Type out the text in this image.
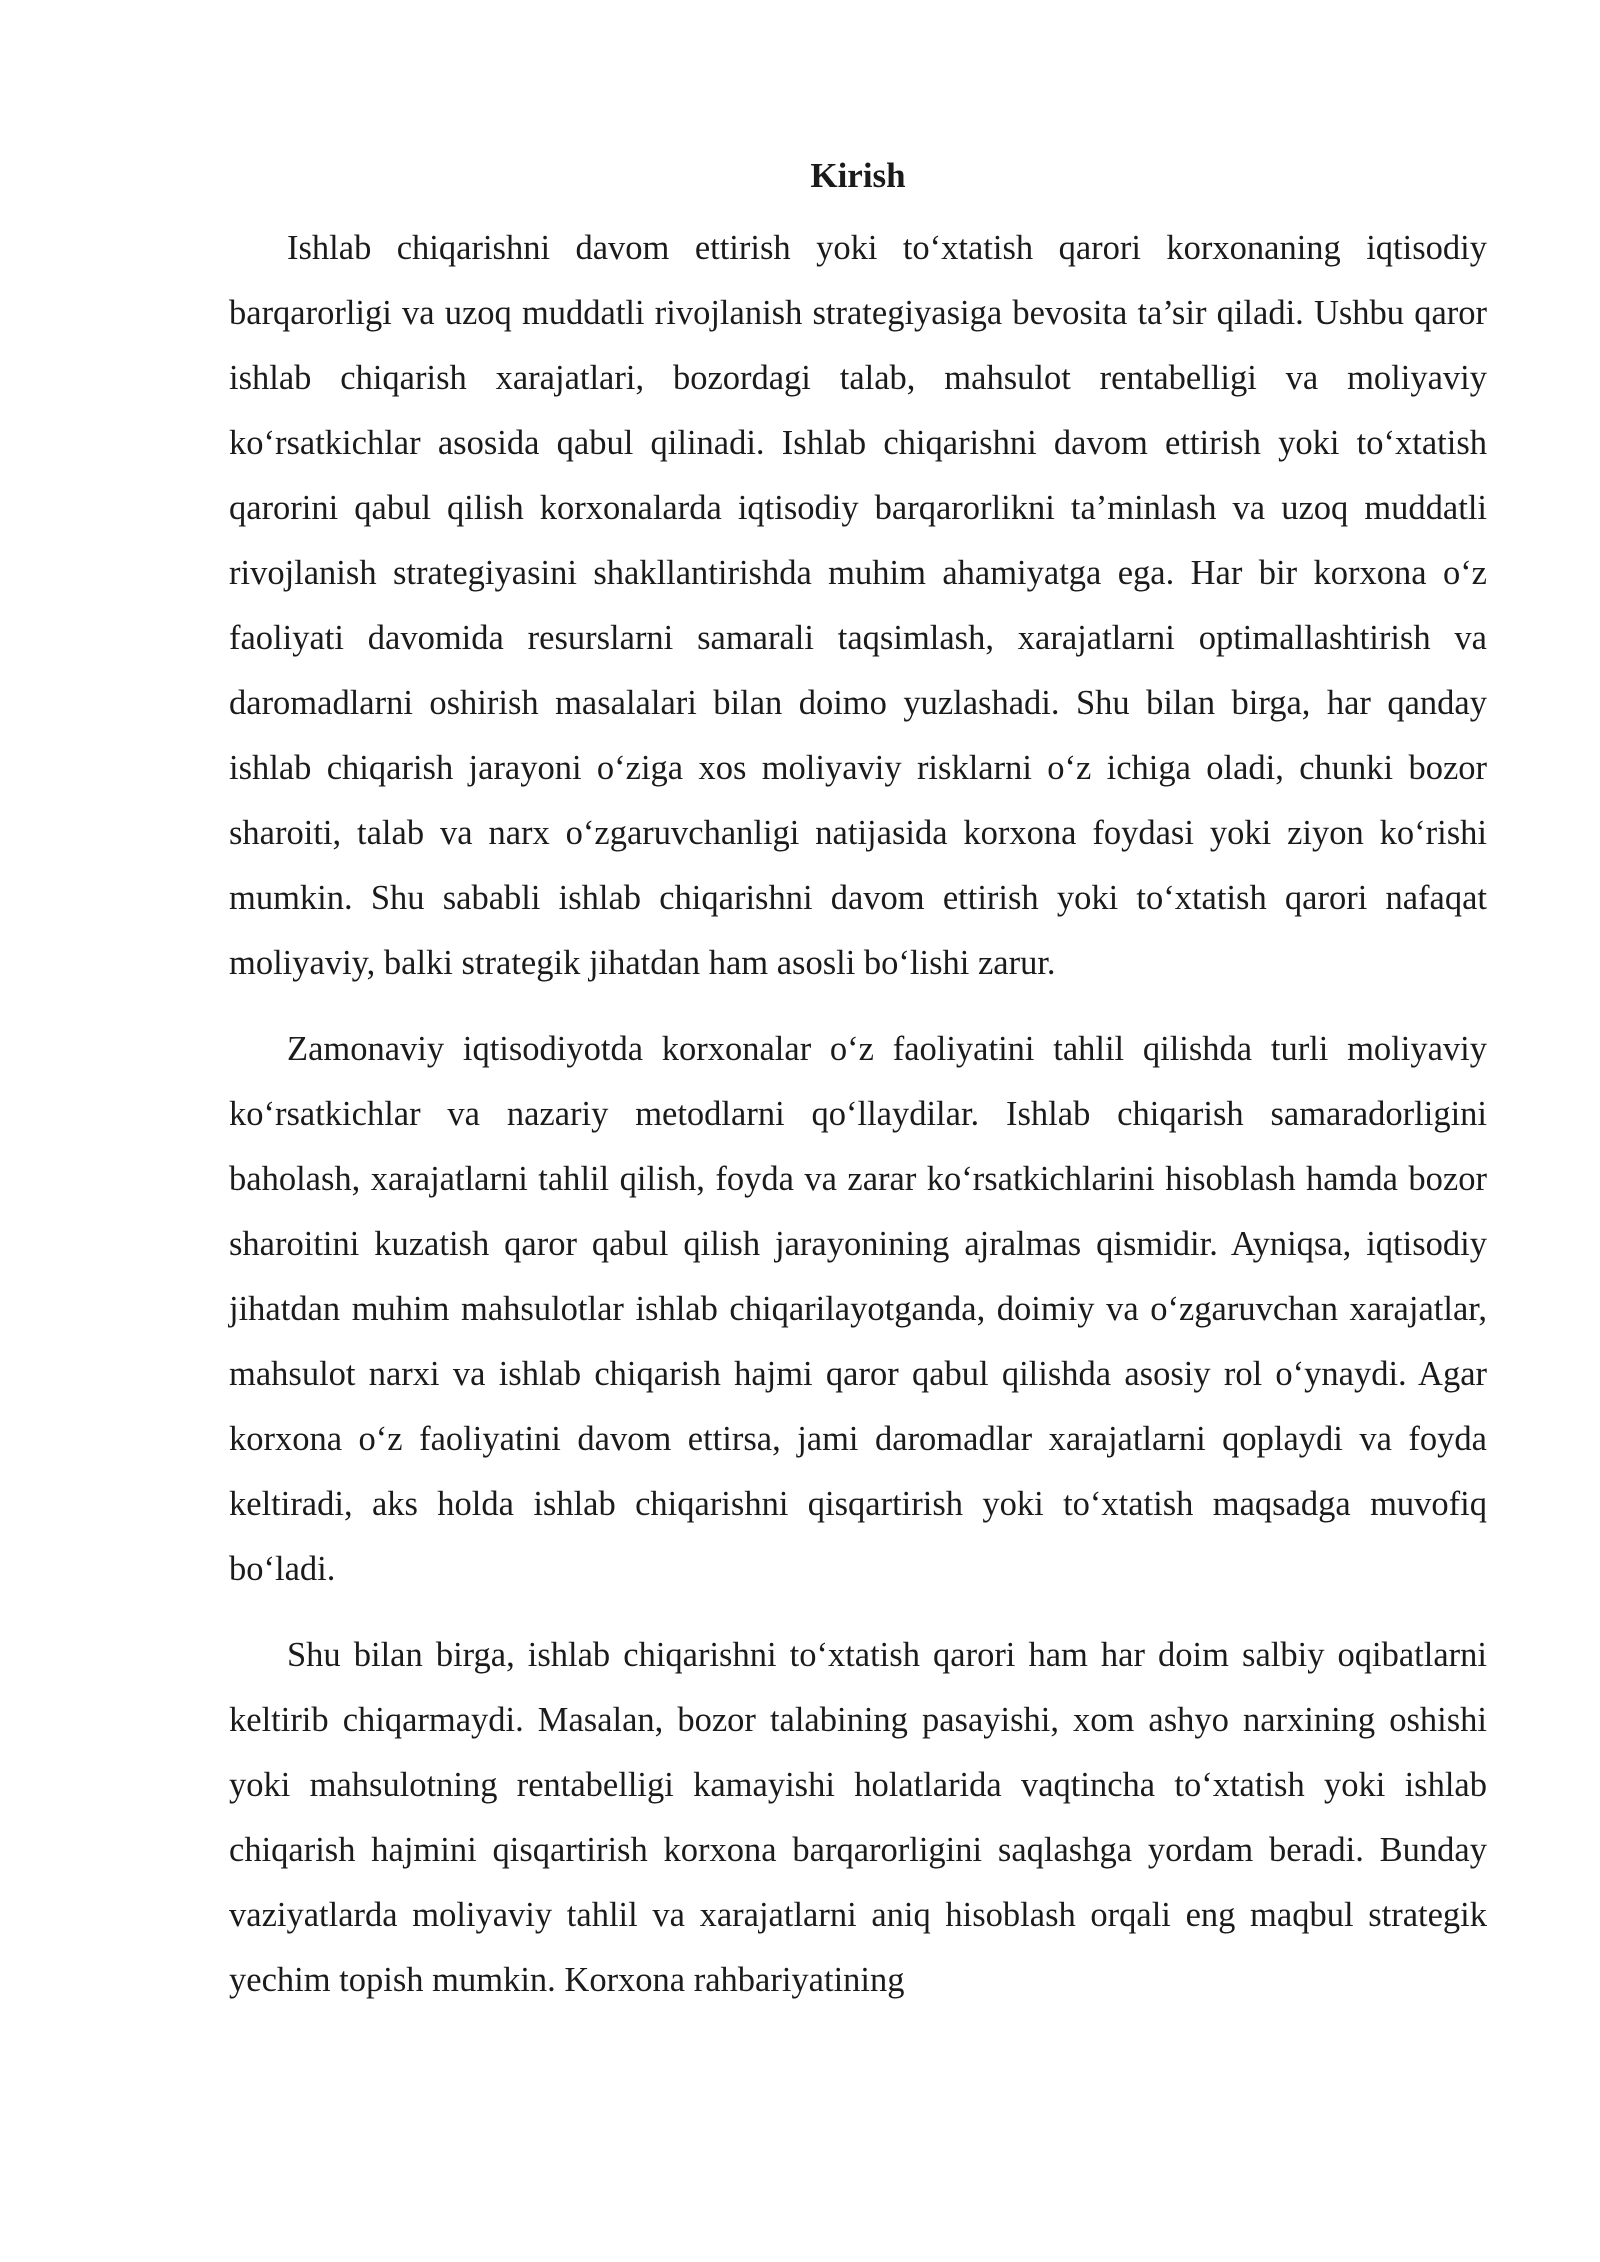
Kirish

Ishlab chiqarishni davom ettirish yoki to‘xtatish qarori korxonaning iqtisodiy barqarorligi va uzoq muddatli rivojlanish strategiyasiga bevosita ta’sir qiladi. Ushbu qaror ishlab chiqarish xarajatlari, bozordagi talab, mahsulot rentabelligi va moliyaviy ko‘rsatkichlar asosida qabul qilinadi. Ishlab chiqarishni davom ettirish yoki to‘xtatish qarorini qabul qilish korxonalarda iqtisodiy barqarorlikni ta’minlash va uzoq muddatli rivojlanish strategiyasini shakllantirishda muhim ahamiyatga ega. Har bir korxona o‘z faoliyati davomida resurslarni samarali taqsimlash, xarajatlarni optimallashtirish va daromadlarni oshirish masalalari bilan doimo yuzlashadi. Shu bilan birga, har qanday ishlab chiqarish jarayoni o‘ziga xos moliyaviy risklarni o‘z ichiga oladi, chunki bozor sharoiti, talab va narx o‘zgaruvchanligi natijasida korxona foydasi yoki ziyon ko‘rishi mumkin. Shu sababli ishlab chiqarishni davom ettirish yoki to‘xtatish qarori nafaqat moliyaviy, balki strategik jihatdan ham asosli bo‘lishi zarur.

Zamonaviy iqtisodiyotda korxonalar o‘z faoliyatini tahlil qilishda turli moliyaviy ko‘rsatkichlar va nazariy metodlarni qo‘llaydilar. Ishlab chiqarish samaradorligini baholash, xarajatlarni tahlil qilish, foyda va zarar ko‘rsatkichlarini hisoblash hamda bozor sharoitini kuzatish qaror qabul qilish jarayonining ajralmas qismidir. Ayniqsa, iqtisodiy jihatdan muhim mahsulotlar ishlab chiqarilayotganda, doimiy va o‘zgaruvchan xarajatlar, mahsulot narxi va ishlab chiqarish hajmi qaror qabul qilishda asosiy rol o‘ynaydi. Agar korxona o‘z faoliyatini davom ettirsa, jami daromadlar xarajatlarni qoplaydi va foyda keltiradi, aks holda ishlab chiqarishni qisqartirish yoki to‘xtatish maqsadga muvofiq bo‘ladi.

Shu bilan birga, ishlab chiqarishni to‘xtatish qarori ham har doim salbiy oqibatlarni keltirib chiqarmaydi. Masalan, bozor talabining pasayishi, xom ashyo narxining oshishi yoki mahsulotning rentabelligi kamayishi holatlarida vaqtincha to‘xtatish yoki ishlab chiqarish hajmini qisqartirish korxona barqarorligini saqlashga yordam beradi. Bunday vaziyatlarda moliyaviy tahlil va xarajatlarni aniq hisoblash orqali eng maqbul strategik yechim topish mumkin. Korxona rahbariyatining
